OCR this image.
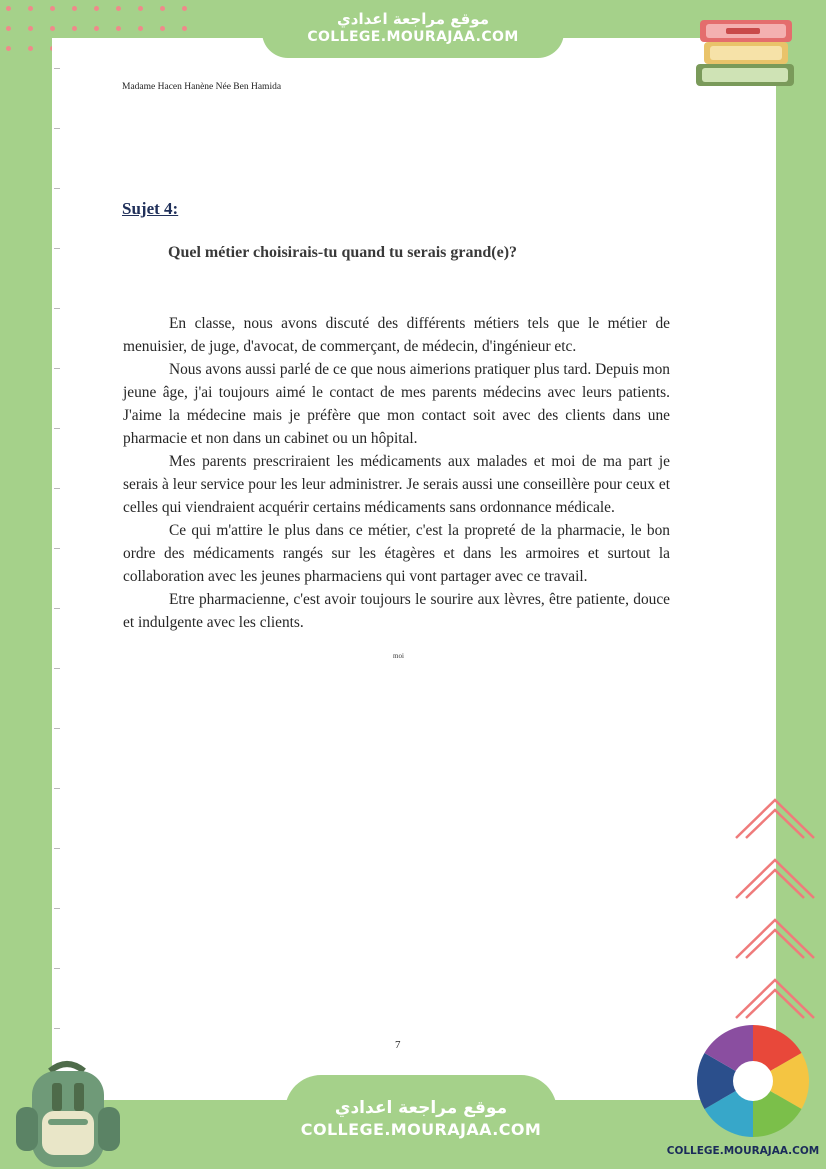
موقع مراجعة اعدادي
COLLEGE.MOURAJAA.COM
Madame Hacen Hanène Née Ben Hamida
Sujet 4:
Quel métier choisirais-tu quand tu serais grand(e)?

En classe, nous avons discuté des différents métiers tels que le métier de menuisier, de juge, d'avocat, de commerçant, de médecin, d'ingénieur etc.

Nous avons aussi parlé de ce que nous aimerions pratiquer plus tard. Depuis mon jeune âge, j'ai toujours aimé le contact de mes parents médecins avec leurs patients. J'aime la médecine mais je préfère que mon contact soit avec des clients dans une pharmacie et non dans un cabinet ou un hôpital.

Mes parents prescriraient les médicaments aux malades et moi de ma part je serais à leur service pour les leur administrer. Je serais aussi une conseillère pour ceux et celles qui viendraient acquérir certains médicaments sans ordonnance médicale.

Ce qui m'attire le plus dans ce métier, c'est la propreté de la pharmacie, le bon ordre des médicaments rangés sur les étagères et dans les armoires et surtout la collaboration avec les jeunes pharmaciens qui vont partager avec ce travail.

Etre pharmacienne, c'est avoir toujours le sourire aux lèvres, être patiente, douce et indulgente avec les clients.

moi
7
موقع مراجعة اعدادي
COLLEGE.MOURAJAA.COM
COLLEGE.MOURAJAA.COM
